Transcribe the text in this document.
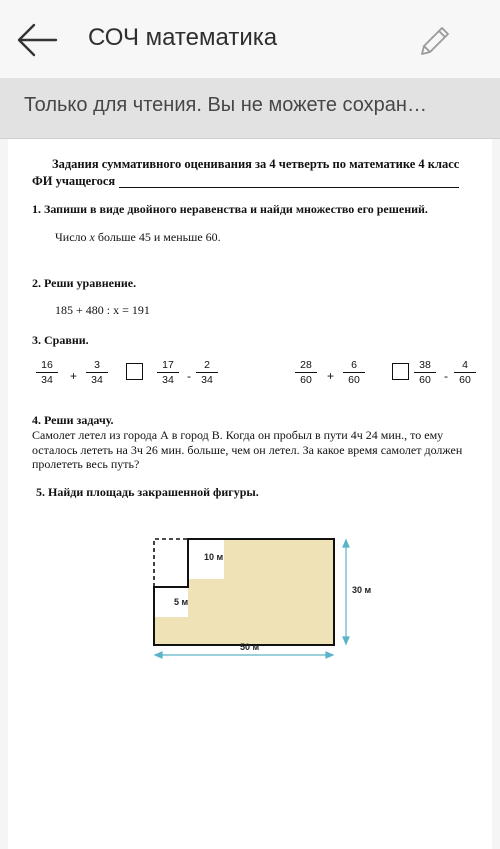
СОЧ математика
Только для чтения. Вы не можете сохран…
Задания суммативного оценивания за 4 четверть по математике 4 класс
ФИ учащегося
1. Запиши в виде двойного неравенства и найди множество его решений.
Число x больше 45 и меньше 60.
2. Реши уравнение.
185 + 480 : x = 191
3. Сравни.
$\frac{16}{34} + \frac{3}{34}$	$\frac{17}{34} - \frac{2}{34}$	$\frac{28}{60} + \frac{6}{60}$	$\frac{38}{60} - \frac{4}{60}$
4. Реши задачу.
Самолет летел из города А в город В. Когда он пробыл в пути 4ч 24 мин., то ему
осталось лететь на 3ч 26 мин. больше, чем он летел. За какое время самолет должен
пролететь весь путь?
5. Найди площадь закрашенной фигуры.
10 м
5 м
30 м
50 м
